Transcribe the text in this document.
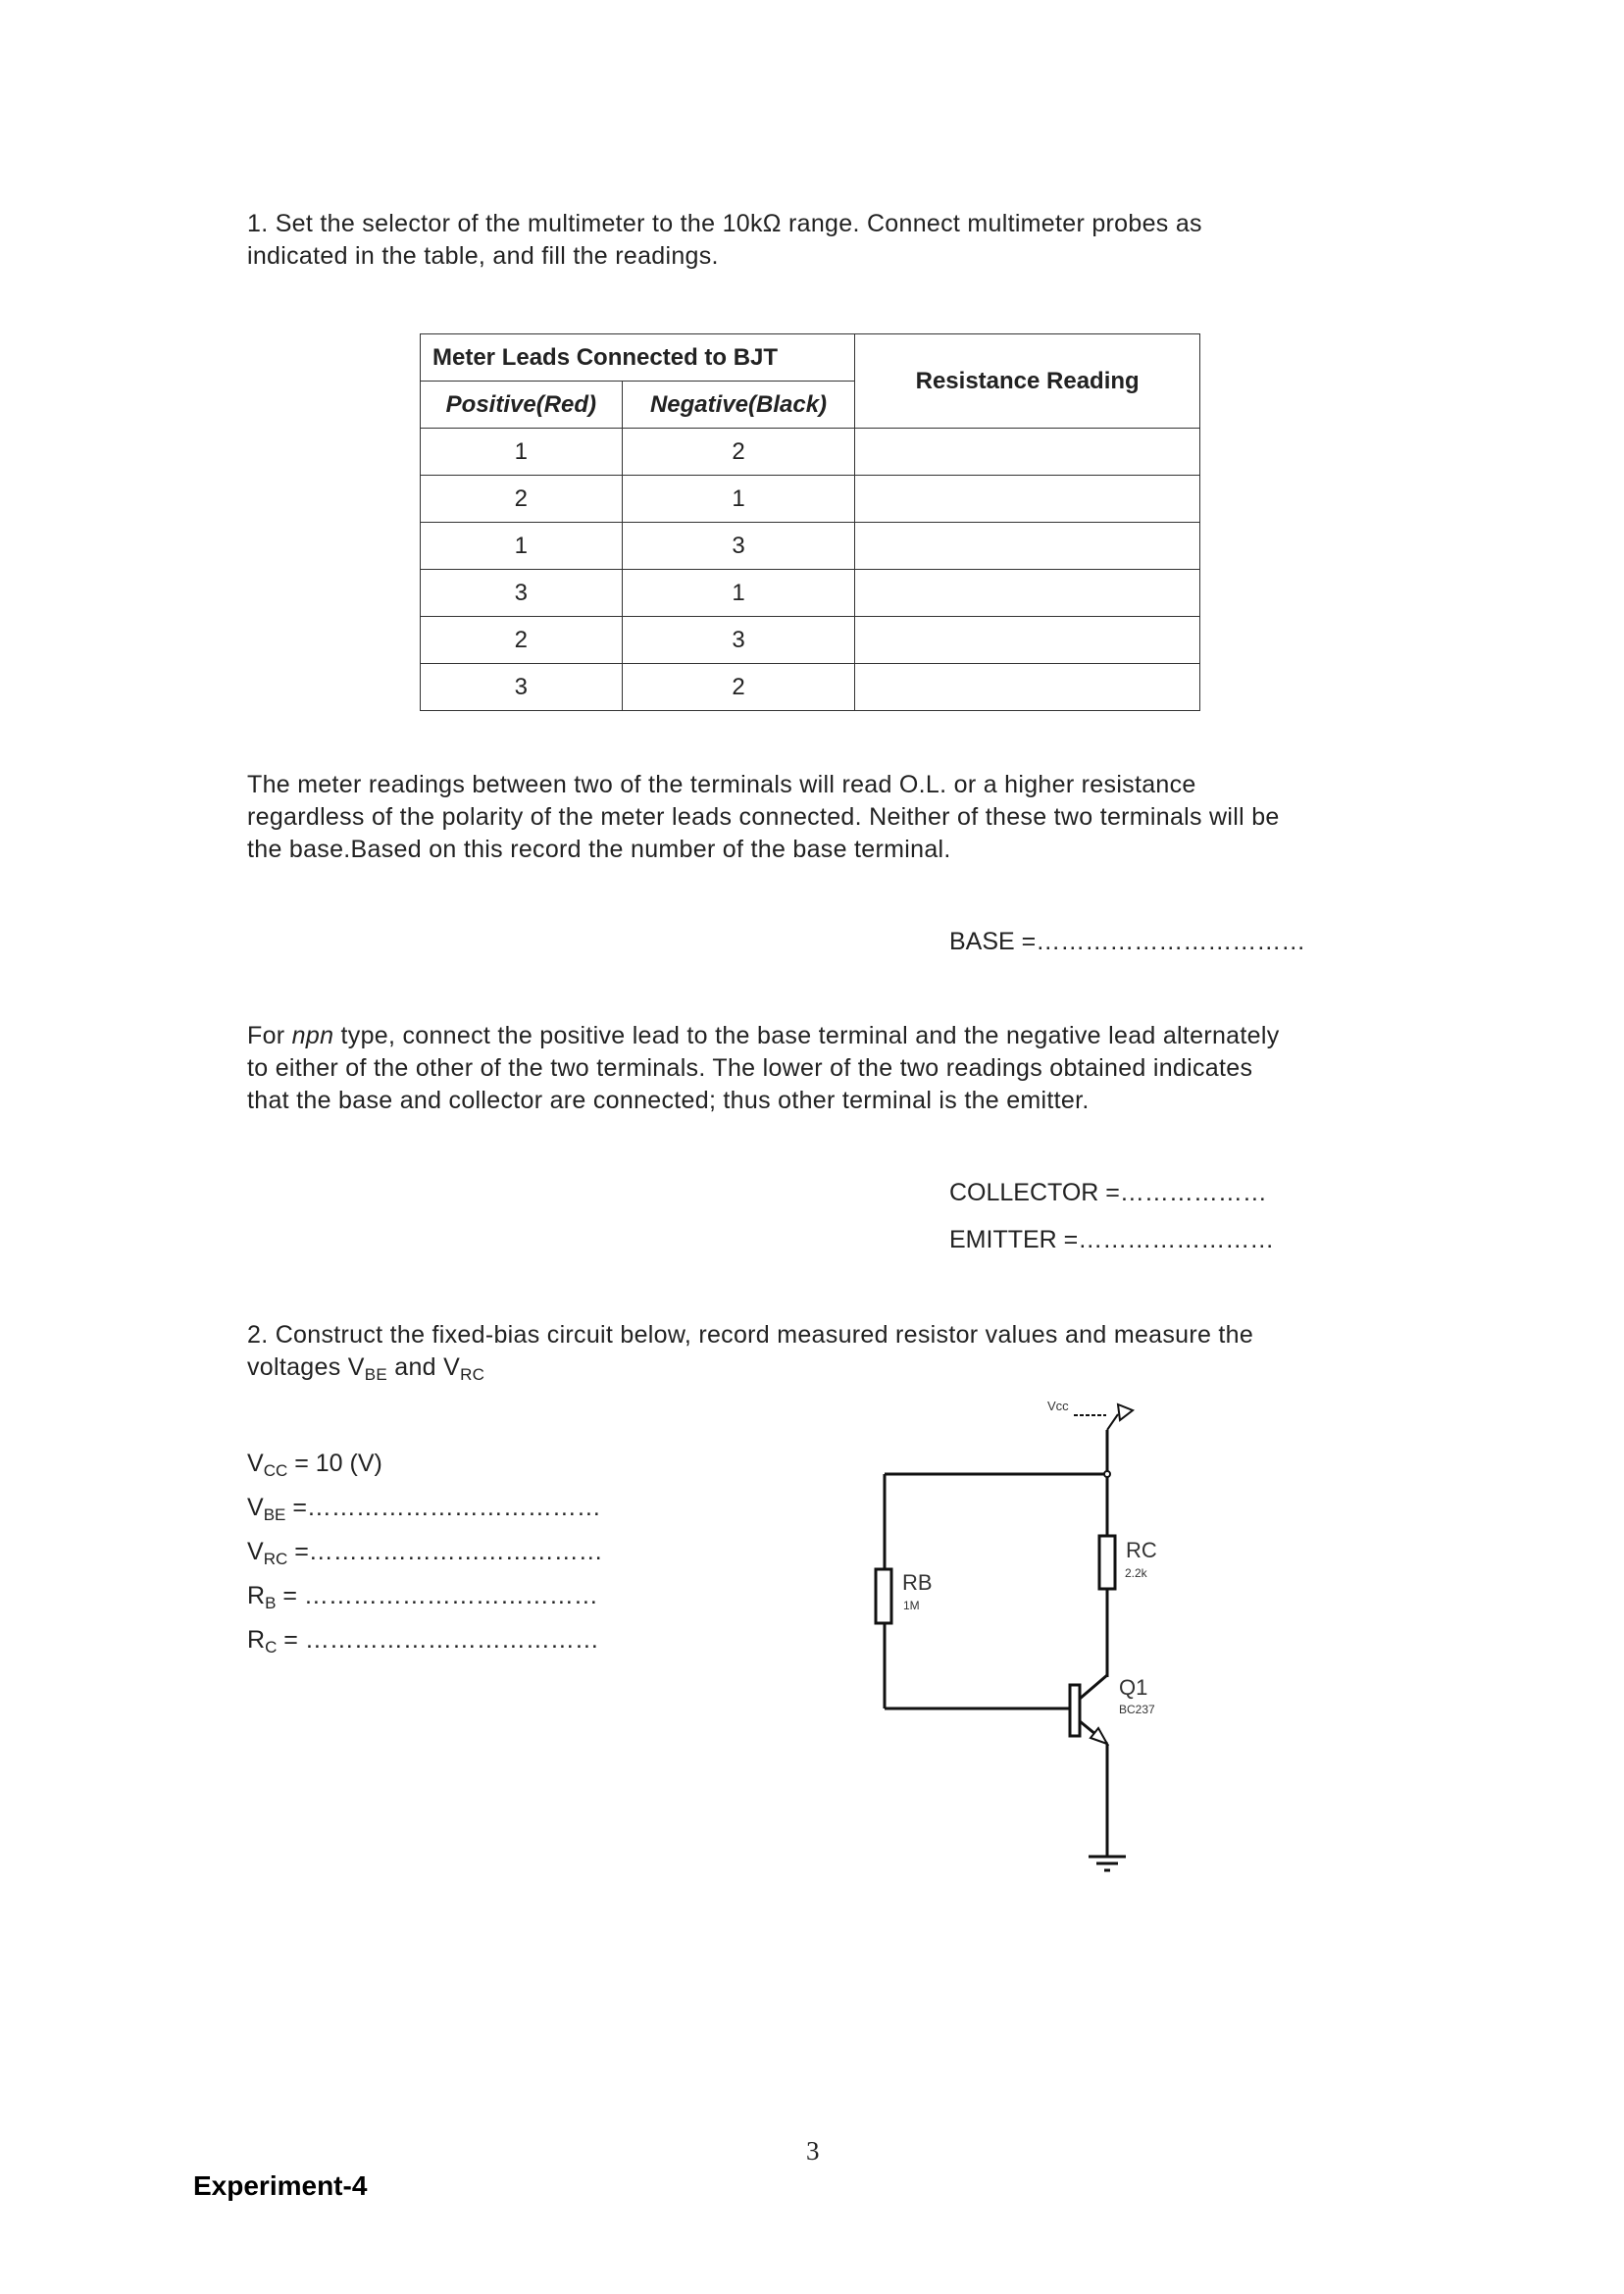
1. Set the selector of the multimeter to the 10kΩ range. Connect multimeter probes as
indicated in the table, and fill the readings.
Meter Leads Connected to BJT		Resistance Reading
Positive(Red)	Negative(Black)	
1	2	
2	1	
1	3	
3	1	
2	3	
3	2	
The meter readings between two of the terminals will read O.L. or a higher resistance
regardless of the polarity of the meter leads connected. Neither of these two terminals will be
the base.Based on this record the number of the base terminal.
BASE =……………………………
For npn type, connect the positive lead to the base terminal and the negative lead alternately
to either of the other of the two terminals. The lower of the two readings obtained indicates
that the base and collector are connected; thus other terminal is the emitter.
COLLECTOR =………………
EMITTER =……………………
2. Construct the fixed-bias circuit below, record measured resistor values and measure the
voltages $V_{BE}$ and $V_{RC}$
$V_{CC} = 10$ (V)
$V_{BE}$ =………………………………
$V_{RC}$ =………………………………
$R_B$ = ………………………………
$R_C$ = ………………………………
Vcc
RC
2.2k
RB
1M
Q1
BC237
3
Experiment-4
